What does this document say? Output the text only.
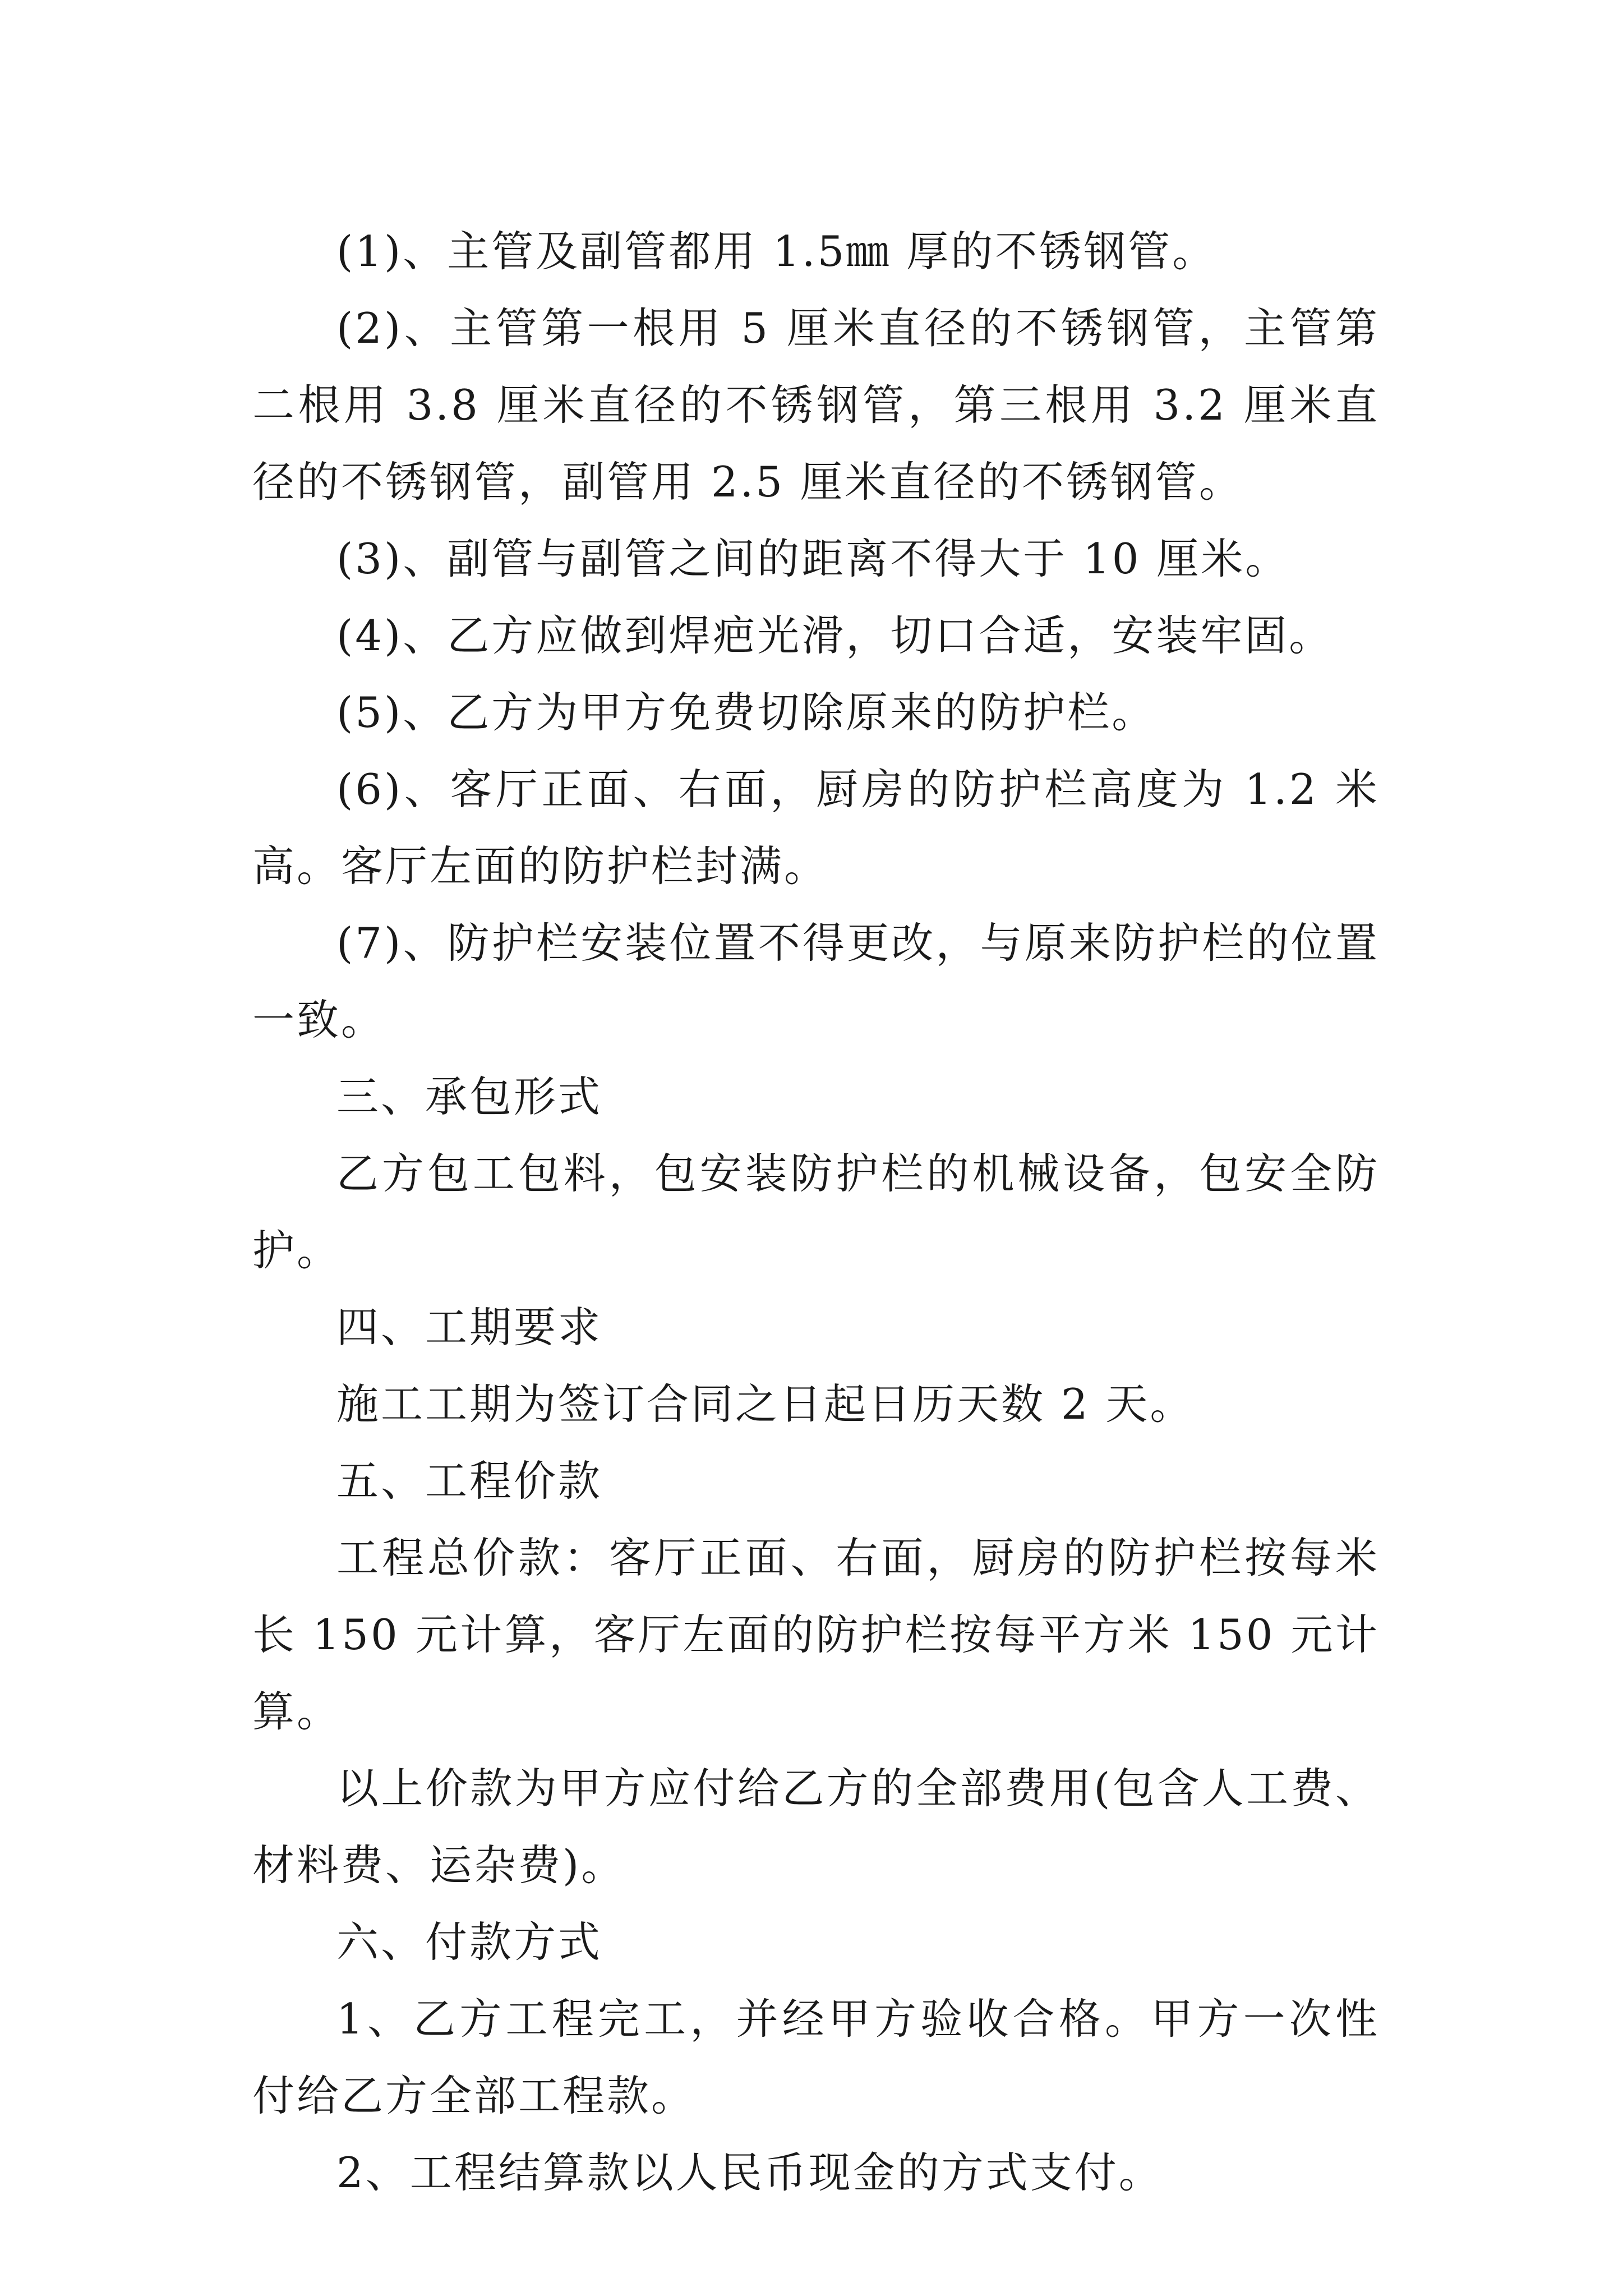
(1)、主管及副管都用 1.5㎜ 厚的不锈钢管。

(2)、主管第一根用 5 厘米直径的不锈钢管，主管第二根用 3.8 厘米直径的不锈钢管，第三根用 3.2 厘米直径的不锈钢管，副管用 2.5 厘米直径的不锈钢管。

(3)、副管与副管之间的距离不得大于 10 厘米。

(4)、乙方应做到焊疤光滑，切口合适，安装牢固。

(5)、乙方为甲方免费切除原来的防护栏。

(6)、客厅正面、右面，厨房的防护栏高度为 1.2 米高。客厅左面的防护栏封满。

(7)、防护栏安装位置不得更改，与原来防护栏的位置一致。

三、承包形式

乙方包工包料，包安装防护栏的机械设备，包安全防护。

四、工期要求

施工工期为签订合同之日起日历天数 2 天。

五、工程价款

工程总价款：客厅正面、右面，厨房的防护栏按每米长 150 元计算，客厅左面的防护栏按每平方米 150 元计算。

以上价款为甲方应付给乙方的全部费用(包含人工费、材料费、运杂费)。

六、付款方式

1、乙方工程完工，并经甲方验收合格。甲方一次性付给乙方全部工程款。

2、工程结算款以人民币现金的方式支付。
